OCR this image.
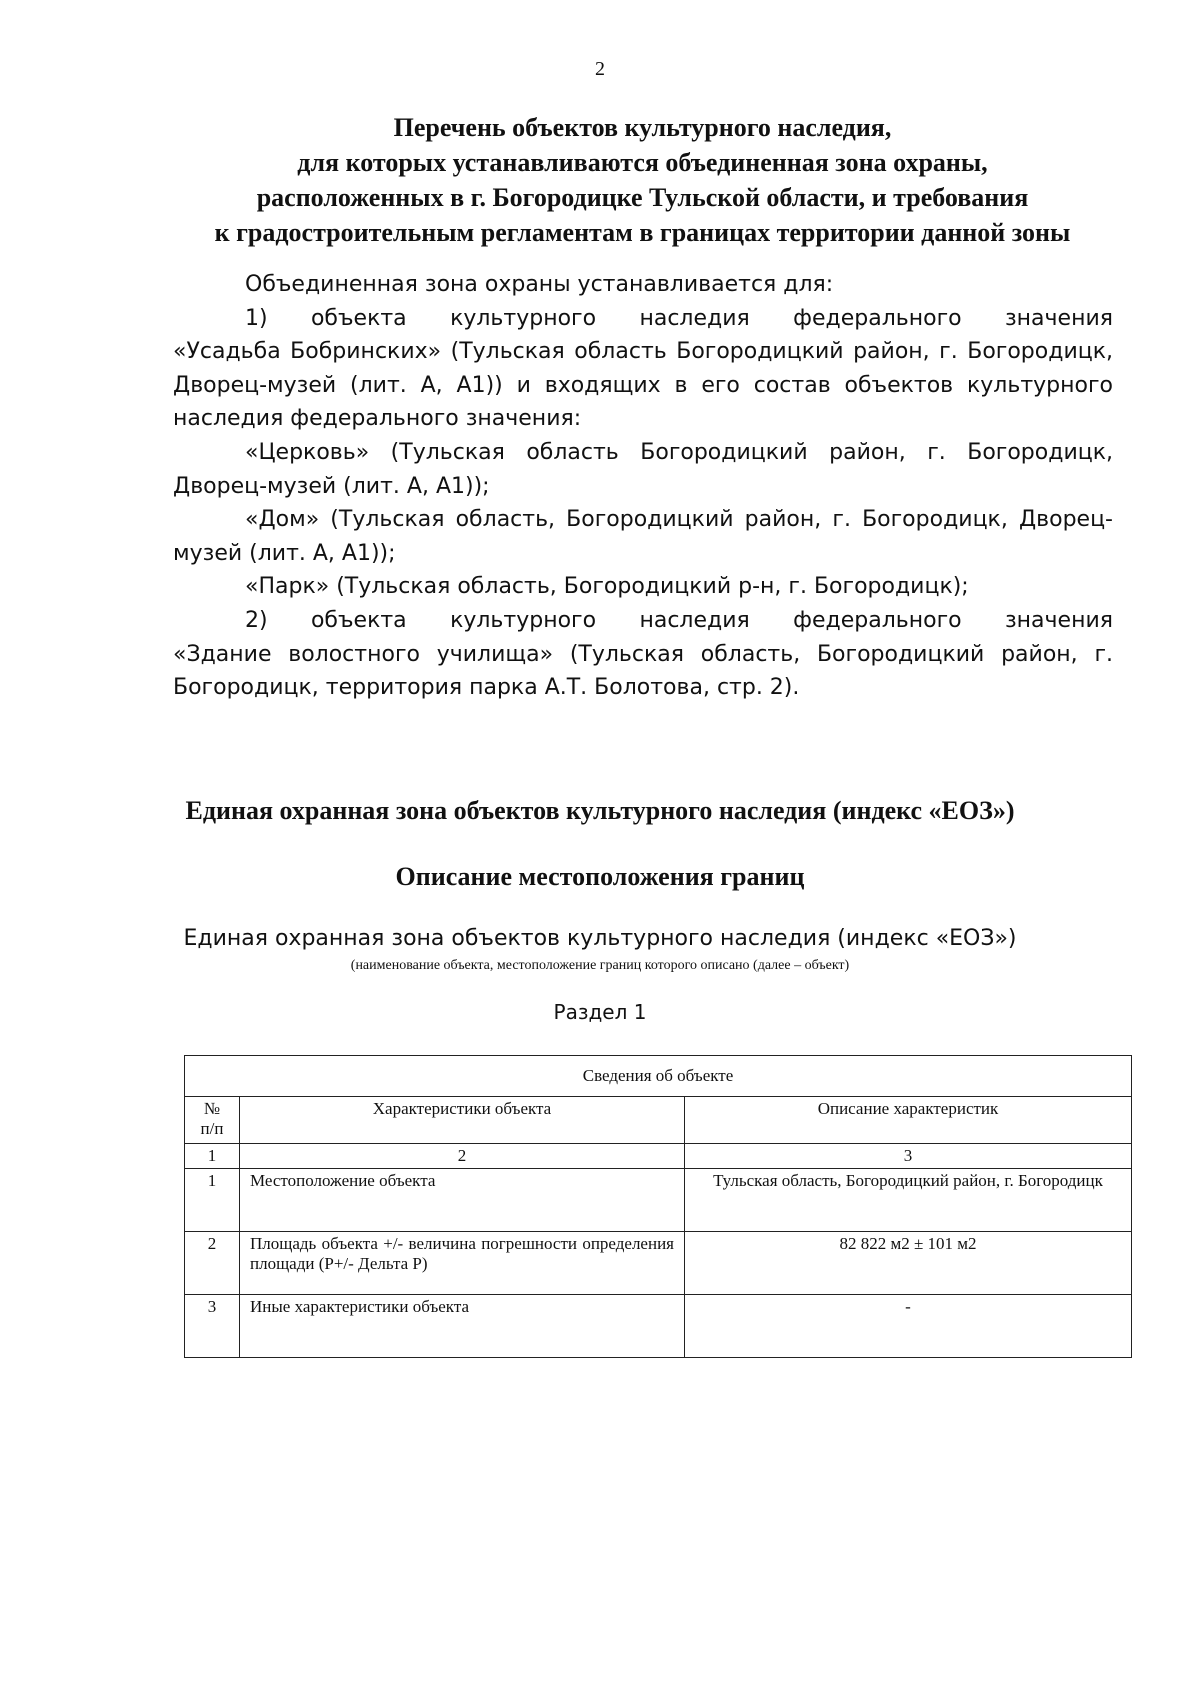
2
Перечень объектов культурного наследия,
для которых устанавливаются объединенная зона охраны,
расположенных в г. Богородицке Тульской области, и требования
к градостроительным регламентам в границах территории данной зоны
Объединенная зона охраны устанавливается для:
1) объекта культурного наследия федерального значения
«Усадьба Бобринских» (Тульская область Богородицкий район, г. Богородицк, Дворец-музей (лит. А, А1)) и входящих в его состав объектов культурного наследия федерального значения:
«Церковь» (Тульская область Богородицкий район, г. Богородицк, Дворец-музей (лит. А, А1));
«Дом» (Тульская область, Богородицкий район, г. Богородицк, Дворец-музей (лит. А, А1));
«Парк» (Тульская область, Богородицкий р-н, г. Богородицк);
2) объекта культурного наследия федерального значения
«Здание волостного училища» (Тульская область, Богородицкий район, г. Богородицк, территория парка А.Т. Болотова, стр. 2).
Единая охранная зона объектов культурного наследия (индекс «ЕОЗ»)
Описание местоположения границ
Единая охранная зона объектов культурного наследия (индекс «ЕОЗ»)
(наименование объекта, местоположение границ которого описано (далее – объект)
Раздел 1
Сведения об объекте		
№ п/п	Характеристики объекта	Описание характеристик
1	2	3
1	Местоположение объекта	Тульская область, Богородицкий район, г. Богородицк
2	Площадь объекта +/- величина погрешности определения площади (Р+/- Дельта Р)	82 822 м2 ± 101 м2
3	Иные характеристики объекта	-
